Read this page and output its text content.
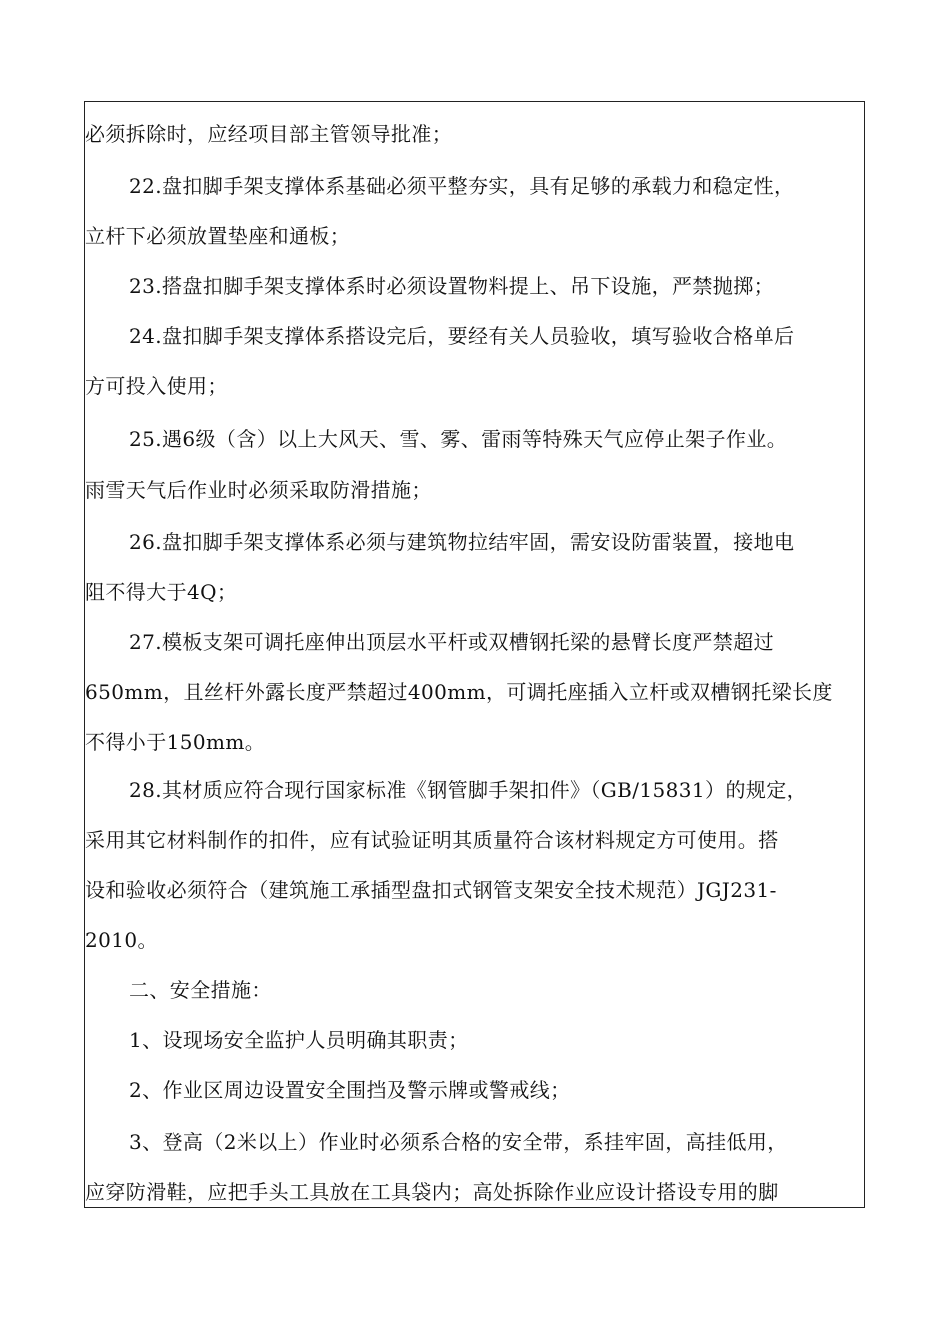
必须拆除时，应经项目部主管领导批准；
22.盘扣脚手架支撑体系基础必须平整夯实，具有足够的承载力和稳定性，
立杆下必须放置垫座和通板；
23.搭盘扣脚手架支撑体系时必须设置物料提上、吊下设施，严禁抛掷；
24.盘扣脚手架支撑体系搭设完后，要经有关人员验收，填写验收合格单后
方可投入使用；
25.遇6级（含）以上大风天、雪、雾、雷雨等特殊天气应停止架子作业。
雨雪天气后作业时必须采取防滑措施；
26.盘扣脚手架支撑体系必须与建筑物拉结牢固，需安设防雷装置，接地电
阻不得大于4Q；
27.模板支架可调托座伸出顶层水平杆或双槽钢托梁的悬臂长度严禁超过
650mm，且丝杆外露长度严禁超过400mm，可调托座插入立杆或双槽钢托梁长度
不得小于150mm。
28.其材质应符合现行国家标准《钢管脚手架扣件》（GB/15831）的规定，
采用其它材料制作的扣件，应有试验证明其质量符合该材料规定方可使用。搭
设和验收必须符合（建筑施工承插型盘扣式钢管支架安全技术规范）JGJ231-
2010。
二、安全措施：
1、设现场安全监护人员明确其职责；
2、作业区周边设置安全围挡及警示牌或警戒线；
3、登高（2米以上）作业时必须系合格的安全带，系挂牢固，高挂低用，
应穿防滑鞋，应把手头工具放在工具袋内；高处拆除作业应设计搭设专用的脚
